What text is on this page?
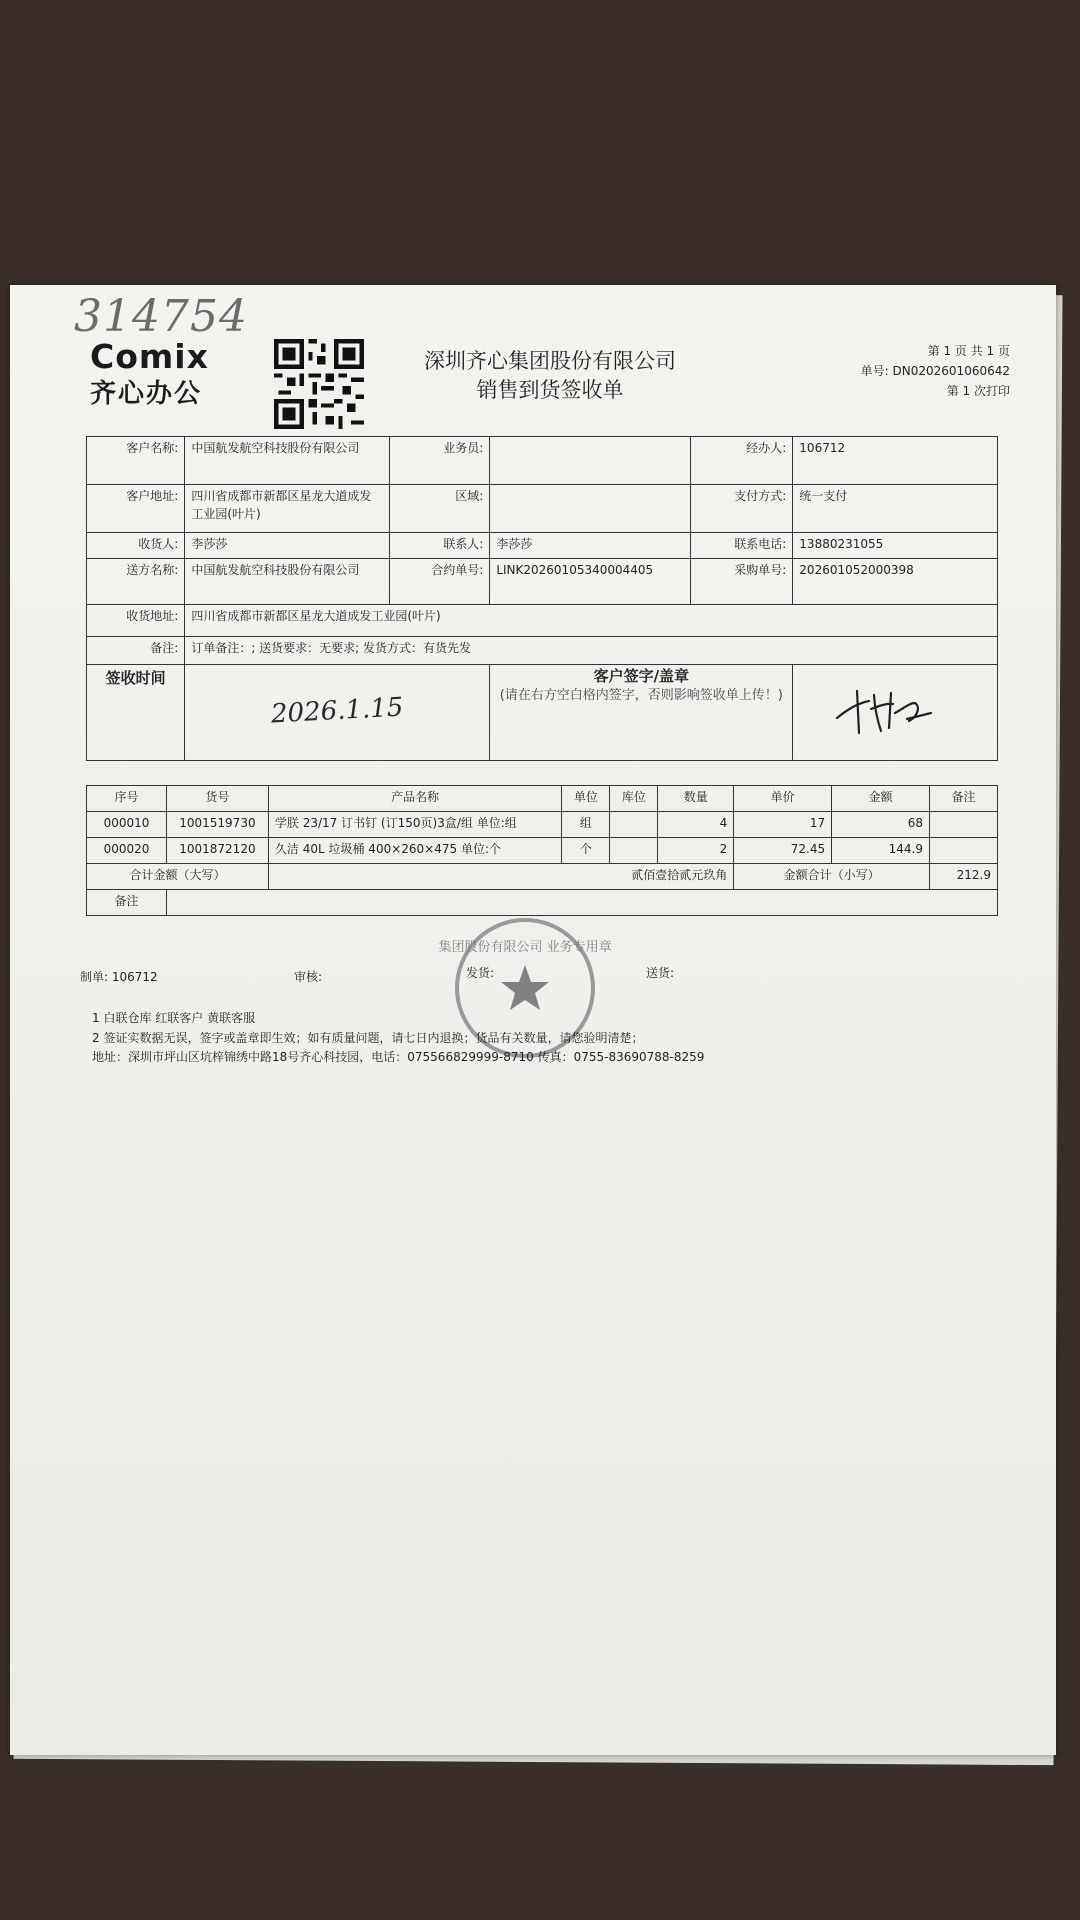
314754
Comix
齐心办公
深圳齐心集团股份有限公司
销售到货签收单
第 1 页 共 1 页
单号: DN0202601060642
第 1 次打印
客户名称:	中国航发航空科技股份有限公司	业务员:		经办人:	106712
客户地址:	四川省成都市新都区星龙大道成发工业园(叶片)	区域:		支付方式:	统一支付
收货人:	李莎莎	联系人:	李莎莎	联系电话:	13880231055
送方名称:	中国航发航空科技股份有限公司	合约单号:	LINK20260105340004405	采购单号:	202601052000398
收货地址:	四川省成都市新都区星龙大道成发工业园(叶片)				
备注:	订单备注：; 送货要求：无要求; 发货方式：有货先发				
签收时间	2026.1.15		客户签字/盖章
(请在右方空白格内签字，否则影响签收单上传！)

序号	货号	产品名称	单位	库位	数量	单价	金额	备注
000010	1001519730	学朕 23/17 订书钉 (订150页)3盒/组 单位:组	组		4	17	68	
000020	1001872120	久洁 40L 垃圾桶 400×260×475 单位:个	个		2	72.45	144.9	
合计金额（大写）		贰佰壹拾贰元玖角				金额合计（小写）		212.9
备注								
集团股份有限公司 业务专用章
制单: 106712	审核:	发货:	送货:
1 白联仓库 红联客户 黄联客服
2 签证实数据无误，签字或盖章即生效；如有质量问题，请七日内退换；货品有关数量，请您验明清楚；
地址：深圳市坪山区坑梓锦绣中路18号齐心科技园，电话：075566829999-8710 传真：0755-83690788-8259
